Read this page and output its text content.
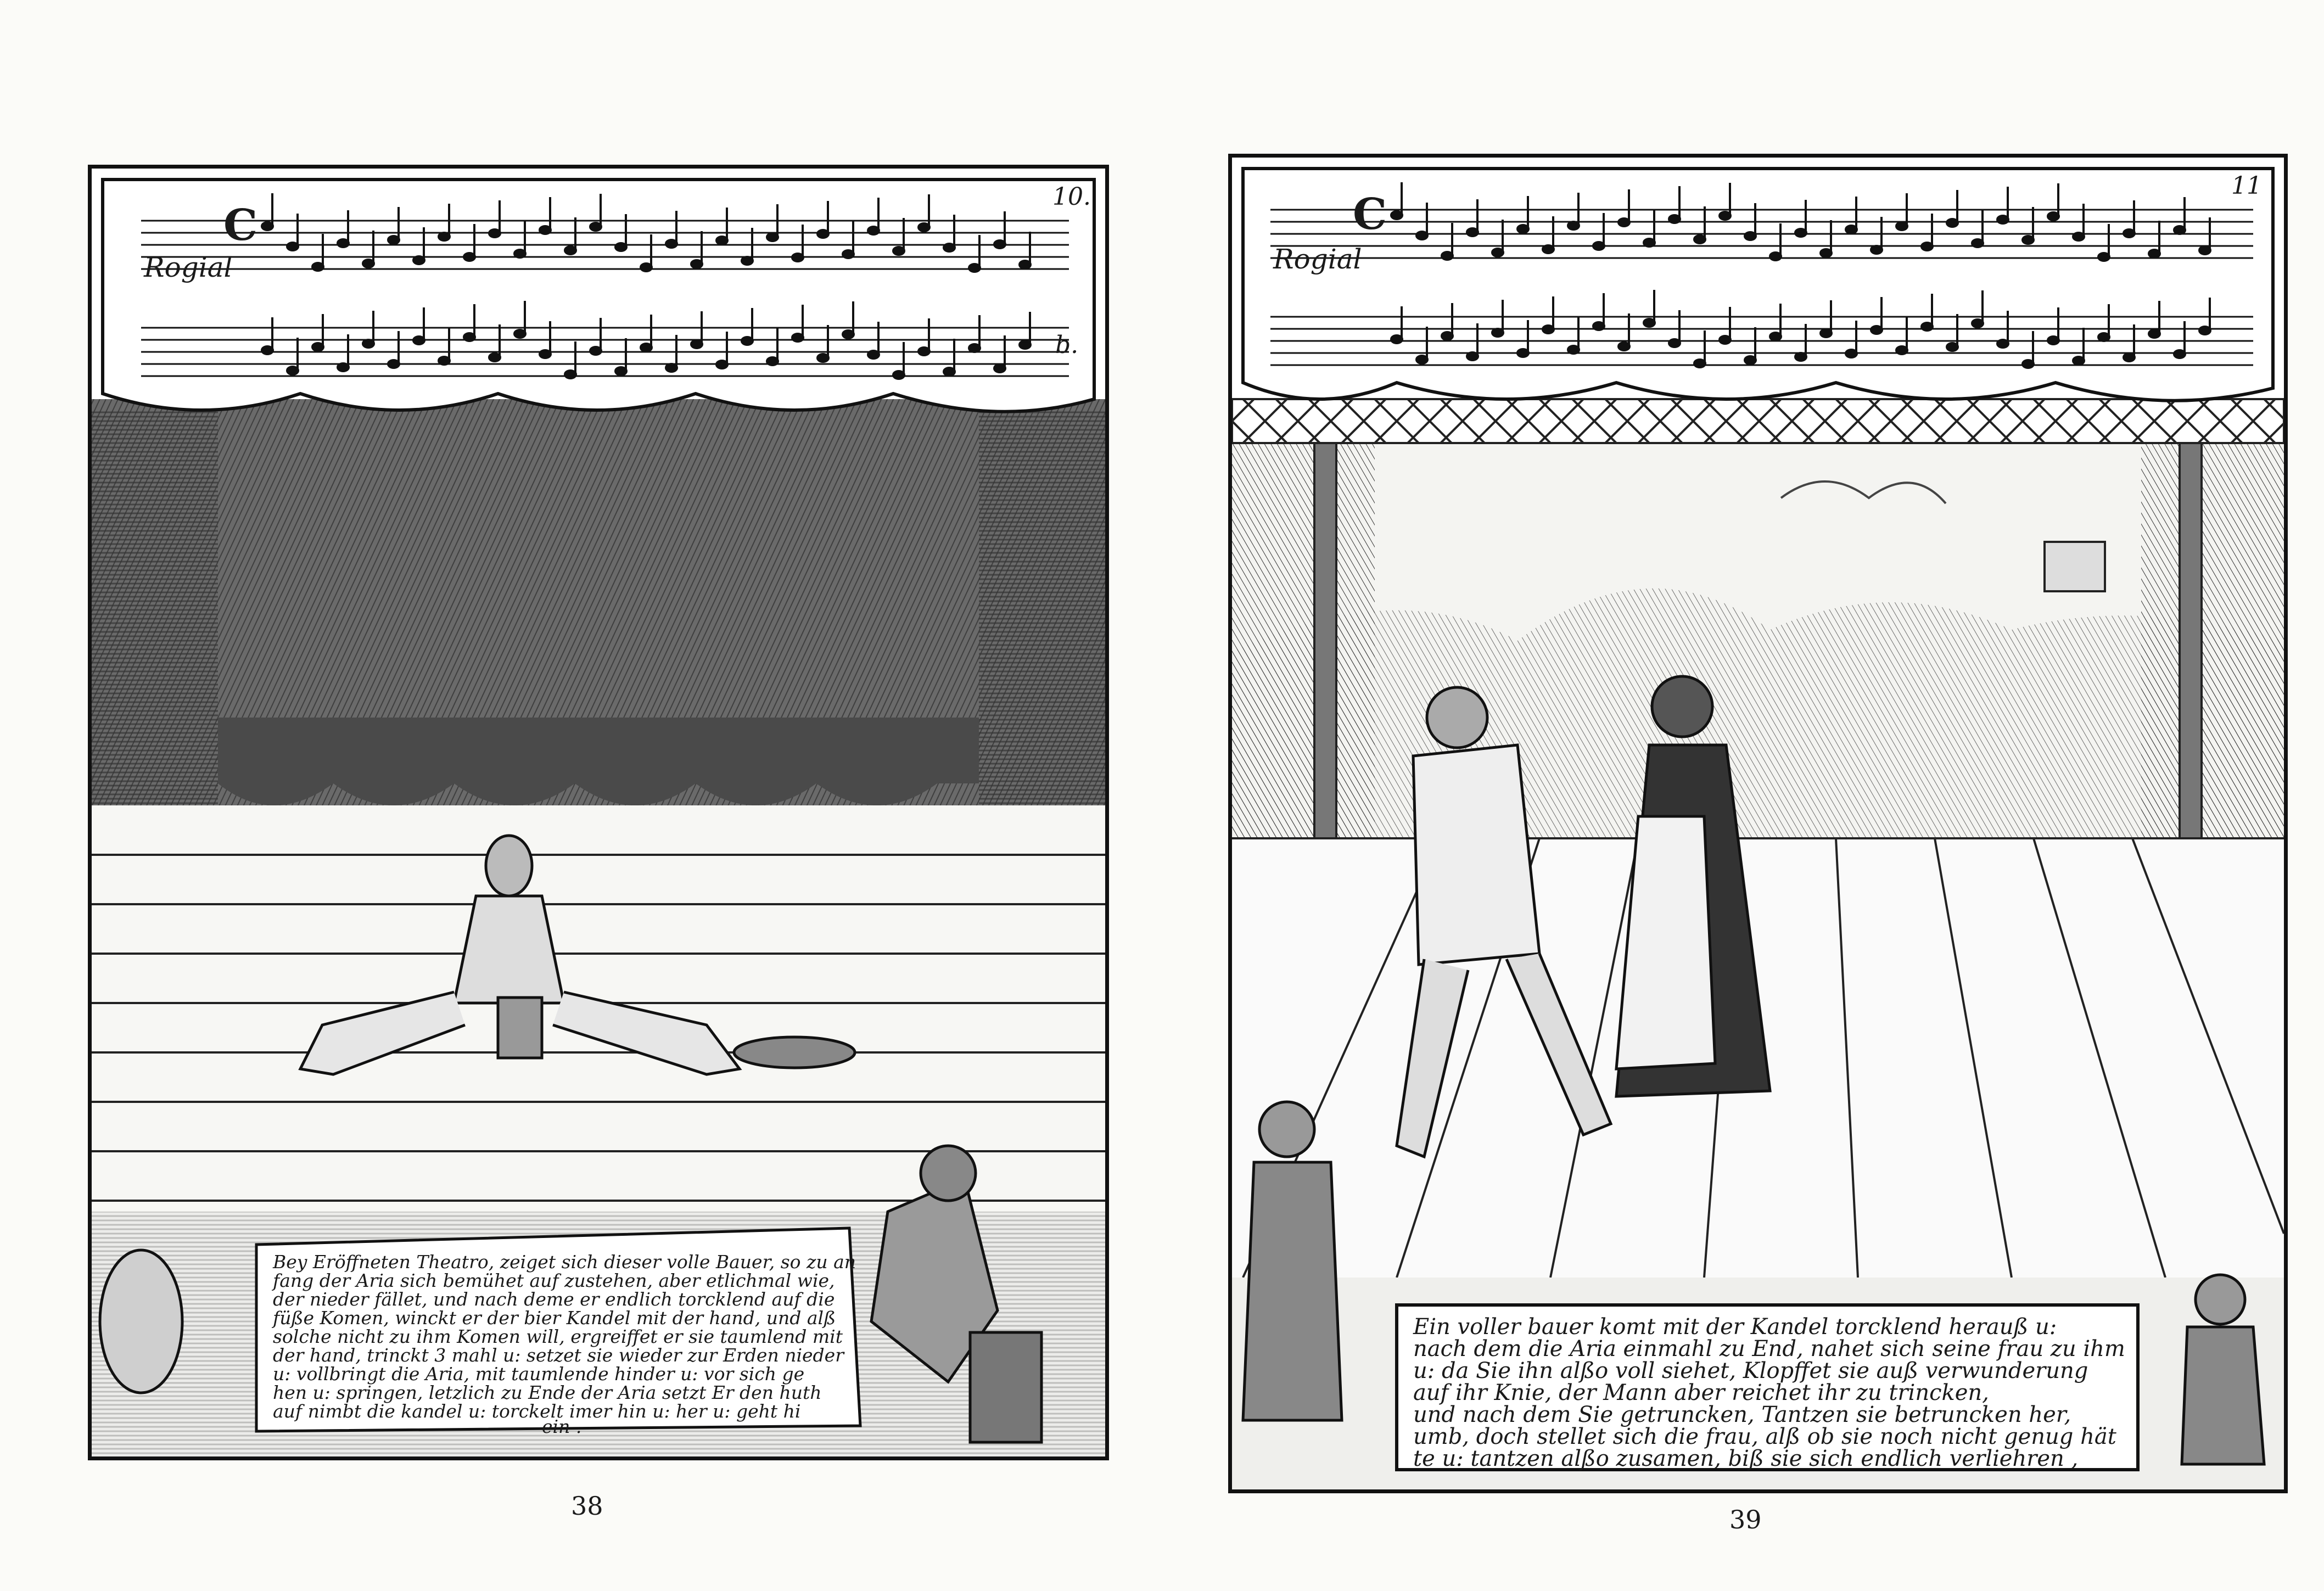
C
10.
b.
Rogial
Bey Eröffneten Theatro, zeiget sich dieser volle Bauer, so zu an
fang der Aria sich bemühet auf zustehen, aber etlichmal wie,
der nieder fället, und nach deme er endlich torcklend auf die
füße Komen, winckt er der bier Kandel mit der hand, und alß
solche nicht zu ihm Komen will, ergreiffet er sie taumlend mit
der hand, trinckt 3 mahl u: setzet sie wieder zur Erden nieder
u: vollbringt die Aria, mit taumlende hinder u: vor sich ge
hen u: springen, letzlich zu Ende der Aria setzt Er den huth
auf nimbt die kandel u: torckelt imer hin u: her u: geht hi
ein .
38
C
11
Rogial
Ein voller bauer komt mit der Kandel torcklend herauß u:
nach dem die Aria einmahl zu End, nahet sich seine frau zu ihm
u: da Sie ihn alßo voll siehet, Klopffet sie auß verwunderung
auf ihr Knie, der Mann aber reichet ihr zu trincken,
und nach dem Sie getruncken, Tantzen sie betruncken her,
umb, doch stellet sich die frau, alß ob sie noch nicht genug hät
te u: tantzen alßo zusamen, biß sie sich endlich verliehren ,
39
